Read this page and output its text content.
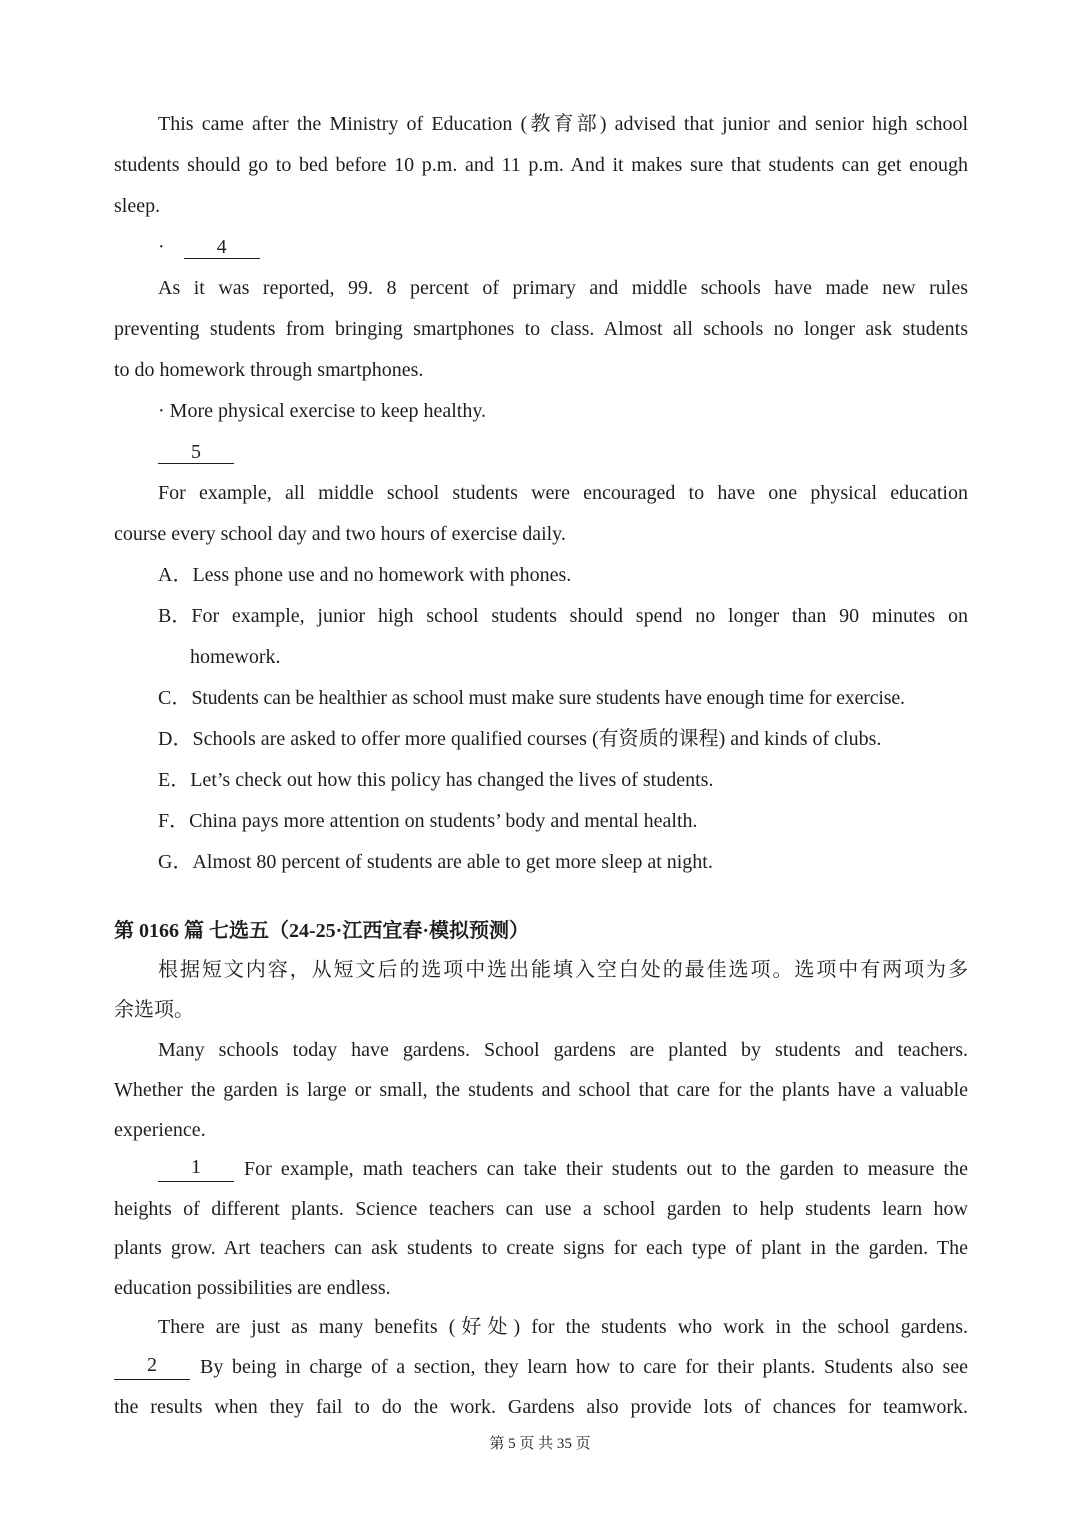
This came after the Ministry of Education (教育部) advised that junior and senior high school
students should go to bed before 10 p.m. and 11 p.m. And it makes sure that students can get enough
sleep.
·	4
As it was reported, 99. 8 percent of primary and middle schools have made new rules
preventing students from bringing smartphones to class. Almost all schools no longer ask students
to do homework through smartphones.
· More physical exercise to keep healthy.
5
For example, all middle school students were encouraged to have one physical education
course every school day and two hours of exercise daily.
A．Less phone use and no homework with phones.
B． For example, junior high school students should spend no longer than 90 minutes on
homework.
C． Students can be healthier as school must make sure students have enough time for exercise.
D．Schools are asked to offer more qualified courses (有资质的课程) and kinds of clubs.
E．Let’s check out how this policy has changed the lives of students.
F．China pays more attention on students’ body and mental health.
G．Almost 80 percent of students are able to get more sleep at night.
第 0166 篇 七选五（24-25·江西宜春·模拟预测）
根据短文内容，从短文后的选项中选出能填入空白处的最佳选项。选项中有两项为多
余选项。
Many schools today have gardens. School gardens are planted by students and teachers.
Whether the garden is large or small, the students and school that care for the plants have a valuable
experience.
1	For example, math teachers can take their students out to the garden to measure the
heights of different plants. Science teachers can use a school garden to help students learn how
plants grow. Art teachers can ask students to create signs for each type of plant in the garden. The
education possibilities are endless.
There are just as many benefits (好处) for the students who work in the school gardens.
2	By being in charge of a section, they learn how to care for their plants. Students also see
the results when they fail to do the work. Gardens also provide lots of chances for teamwork.
第 5 页 共 35 页
